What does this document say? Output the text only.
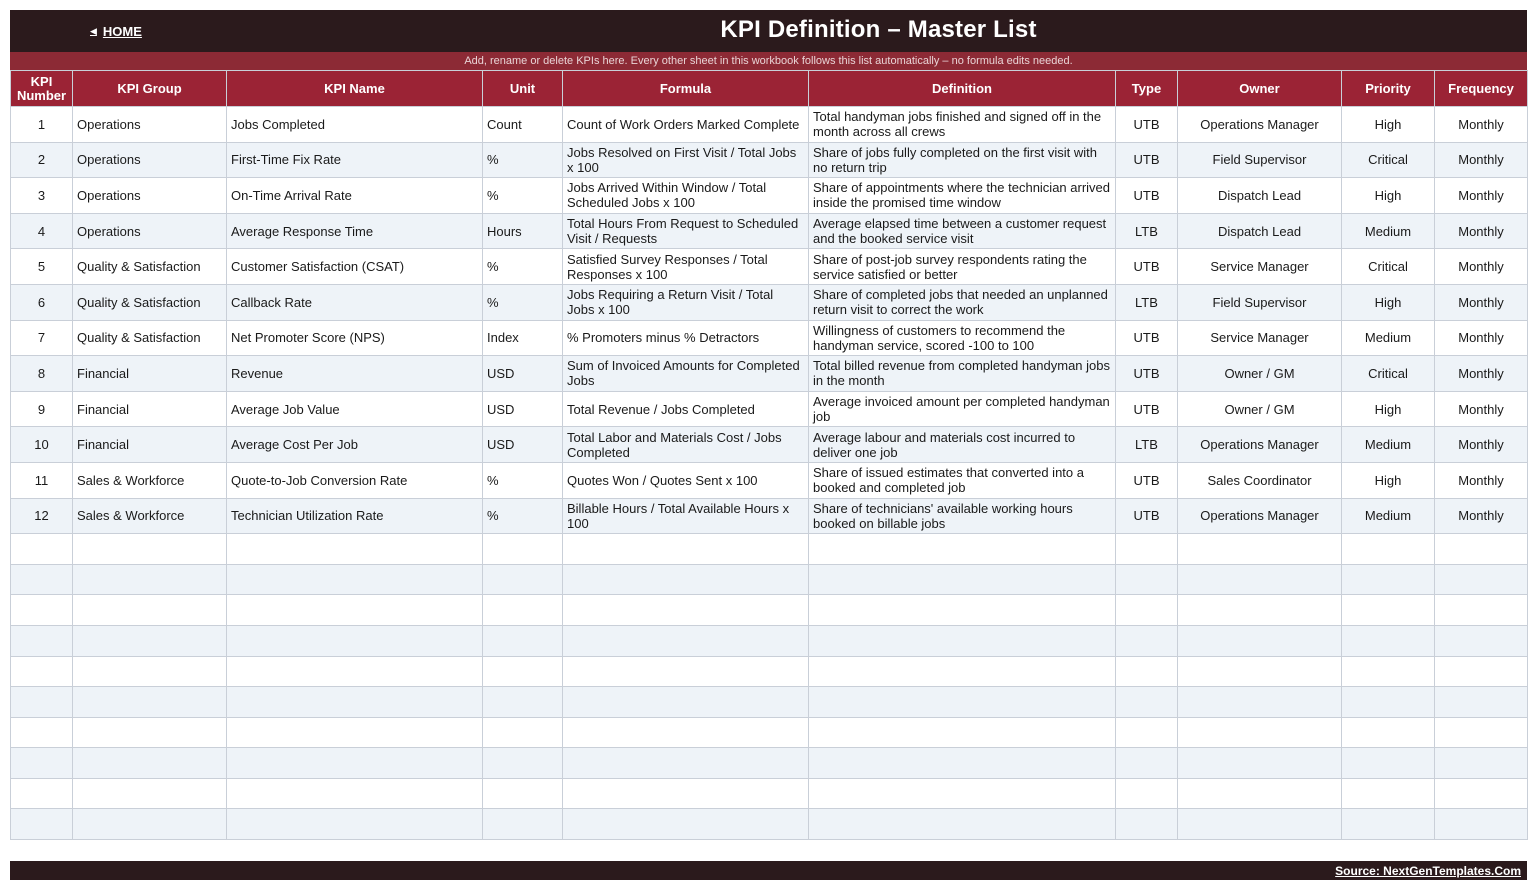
◀ HOME	KPI Definition – Master List
Add, rename or delete KPIs here. Every other sheet in this workbook follows this list automatically – no formula edits needed.
KPI Number	KPI Group	KPI Name	Unit	Formula	Definition	Type	Owner	Priority	Frequency
1	Operations	Jobs Completed	Count	Count of Work Orders Marked Complete	Total handyman jobs finished and signed off in the month across all crews	UTB	Operations Manager	High	Monthly
2	Operations	First-Time Fix Rate	%	Jobs Resolved on First Visit / Total Jobs x 100	Share of jobs fully completed on the first visit with no return trip	UTB	Field Supervisor	Critical	Monthly
3	Operations	On-Time Arrival Rate	%	Jobs Arrived Within Window / Total Scheduled Jobs x 100	Share of appointments where the technician arrived inside the promised time window	UTB	Dispatch Lead	High	Monthly
4	Operations	Average Response Time	Hours	Total Hours From Request to Scheduled Visit / Requests	Average elapsed time between a customer request and the booked service visit	LTB	Dispatch Lead	Medium	Monthly
5	Quality & Satisfaction	Customer Satisfaction (CSAT)	%	Satisfied Survey Responses / Total Responses x 100	Share of post-job survey respondents rating the service satisfied or better	UTB	Service Manager	Critical	Monthly
6	Quality & Satisfaction	Callback Rate	%	Jobs Requiring a Return Visit / Total Jobs x 100	Share of completed jobs that needed an unplanned return visit to correct the work	LTB	Field Supervisor	High	Monthly
7	Quality & Satisfaction	Net Promoter Score (NPS)	Index	% Promoters minus % Detractors	Willingness of customers to recommend the handyman service, scored -100 to 100	UTB	Service Manager	Medium	Monthly
8	Financial	Revenue	USD	Sum of Invoiced Amounts for Completed Jobs	Total billed revenue from completed handyman jobs in the month	UTB	Owner / GM	Critical	Monthly
9	Financial	Average Job Value	USD	Total Revenue / Jobs Completed	Average invoiced amount per completed handyman job	UTB	Owner / GM	High	Monthly
10	Financial	Average Cost Per Job	USD	Total Labor and Materials Cost / Jobs Completed	Average labour and materials cost incurred to deliver one job	LTB	Operations Manager	Medium	Monthly
11	Sales & Workforce	Quote-to-Job Conversion Rate	%	Quotes Won / Quotes Sent x 100	Share of issued estimates that converted into a booked and completed job	UTB	Sales Coordinator	High	Monthly
12	Sales & Workforce	Technician Utilization Rate	%	Billable Hours / Total Available Hours x 100	Share of technicians' available working hours booked on billable jobs	UTB	Operations Manager	Medium	Monthly

Source: NextGenTemplates.Com
